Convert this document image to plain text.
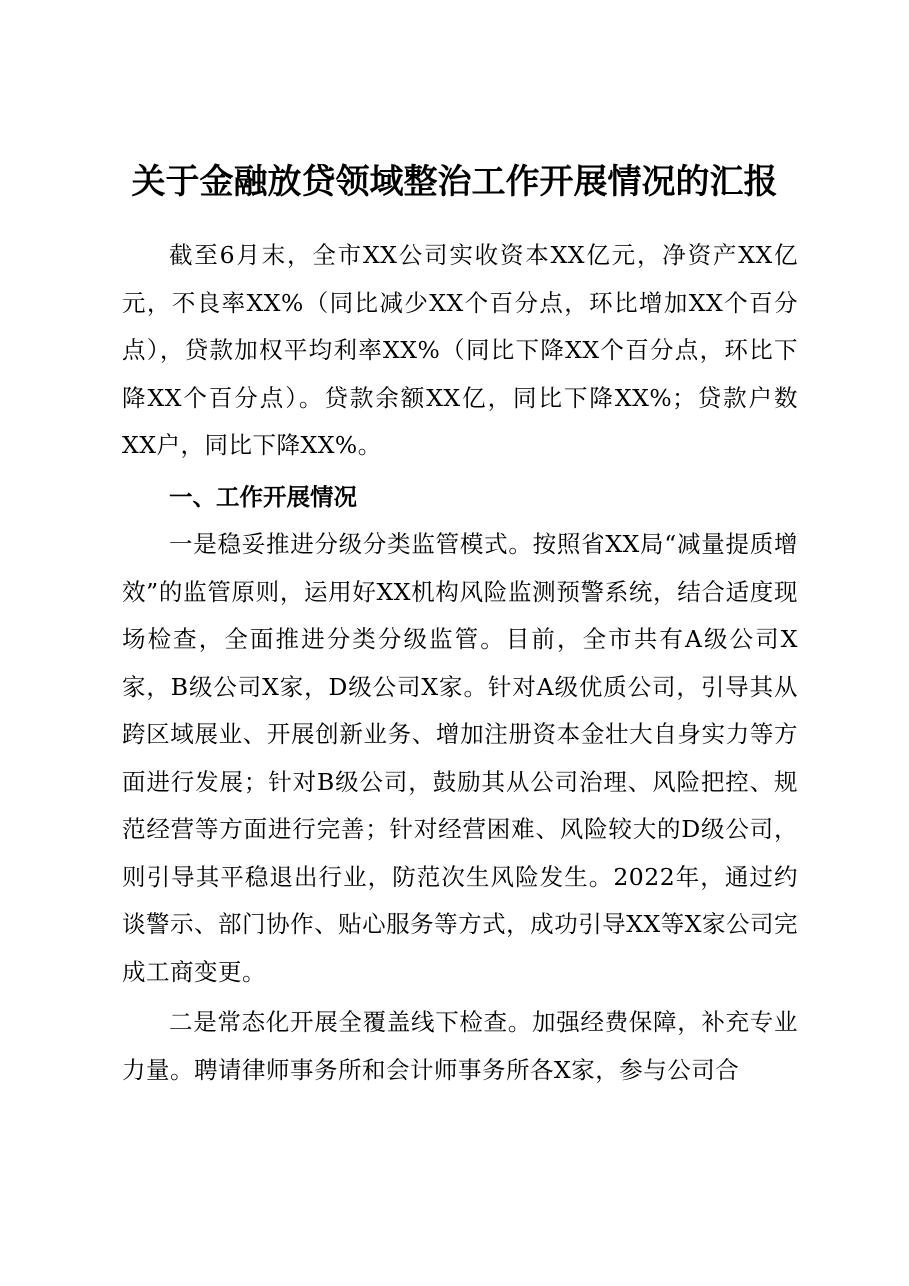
关于金融放贷领域整治工作开展情况的汇报

截至6月末，全市XX公司实收资本XX亿元，净资产XX亿元，不良率XX%（同比减少XX个百分点，环比增加XX个百分点），贷款加权平均利率XX%（同比下降XX个百分点，环比下降XX个百分点）。贷款余额XX亿，同比下降XX%；贷款户数XX户，同比下降XX%。

一、工作开展情况

一是稳妥推进分级分类监管模式。按照省XX局“减量提质增效”的监管原则，运用好XX机构风险监测预警系统，结合适度现场检查，全面推进分类分级监管。目前，全市共有A级公司X家，B级公司X家，D级公司X家。针对A级优质公司，引导其从跨区域展业、开展创新业务、增加注册资本金壮大自身实力等方面进行发展；针对B级公司，鼓励其从公司治理、风险把控、规范经营等方面进行完善；针对经营困难、风险较大的D级公司，则引导其平稳退出行业，防范次生风险发生。2022年，通过约谈警示、部门协作、贴心服务等方式，成功引导XX等X家公司完成工商变更。

二是常态化开展全覆盖线下检查。加强经费保障，补充专业力量。聘请律师事务所和会计师事务所各X家，参与公司合
